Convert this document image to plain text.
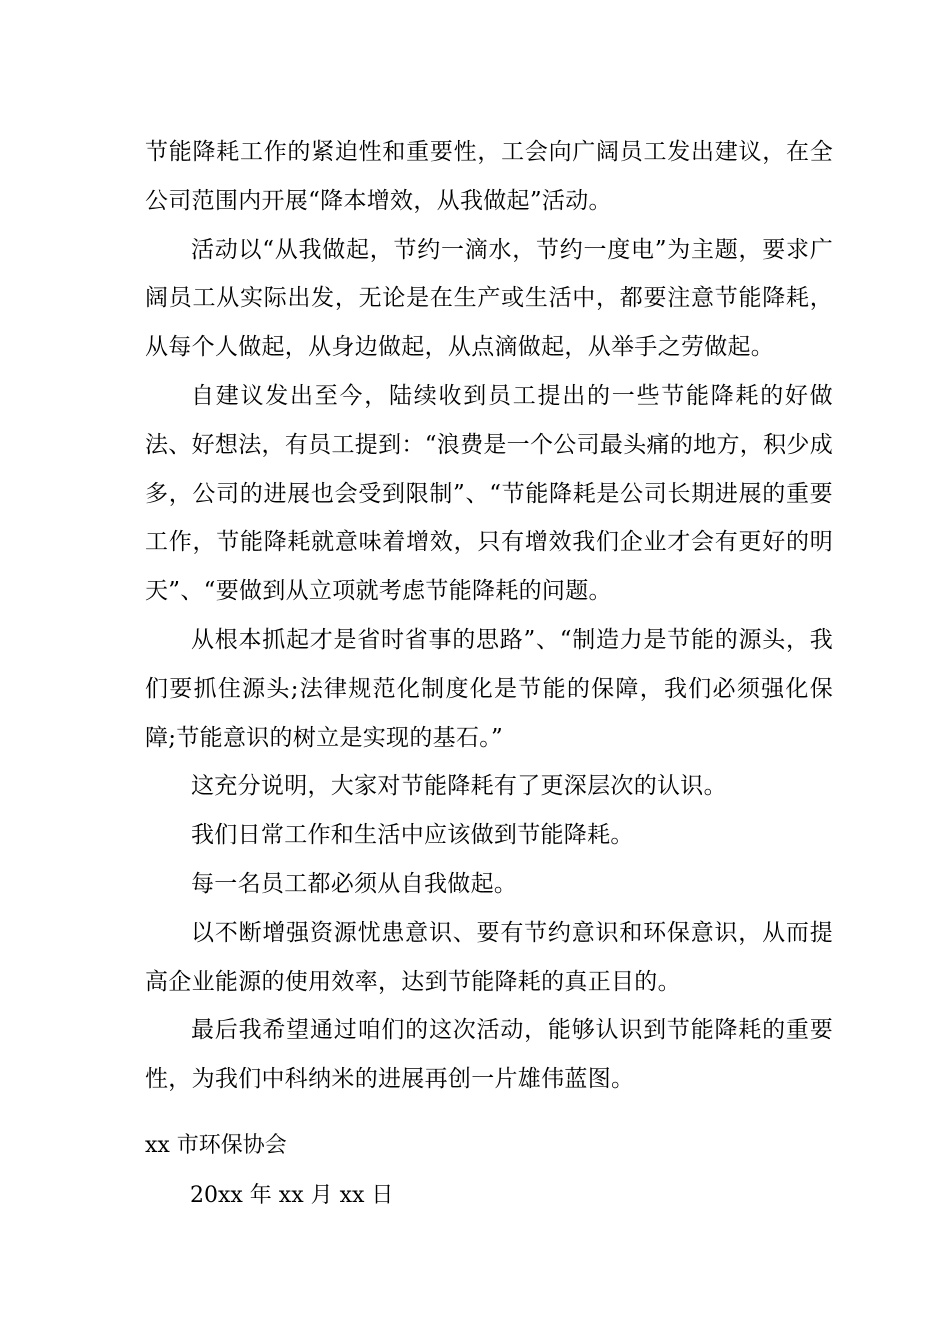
节能降耗工作的紧迫性和重要性，工会向广阔员工发出建议，在全公司范围内开展“降本增效，从我做起”活动。

活动以“从我做起，节约一滴水，节约一度电”为主题，要求广阔员工从实际出发，无论是在生产或生活中，都要注意节能降耗，从每个人做起，从身边做起，从点滴做起，从举手之劳做起。

自建议发出至今，陆续收到员工提出的一些节能降耗的好做法、好想法，有员工提到：“浪费是一个公司最头痛的地方，积少成多，公司的进展也会受到限制”、“节能降耗是公司长期进展的重要工作，节能降耗就意味着增效，只有增效我们企业才会有更好的明天”、“要做到从立项就考虑节能降耗的问题。

从根本抓起才是省时省事的思路”、“制造力是节能的源头，我们要抓住源头;法律规范化制度化是节能的保障，我们必须强化保障;节能意识的树立是实现的基石。”

这充分说明，大家对节能降耗有了更深层次的认识。

我们日常工作和生活中应该做到节能降耗。

每一名员工都必须从自我做起。

以不断增强资源忧患意识、要有节约意识和环保意识，从而提高企业能源的使用效率，达到节能降耗的真正目的。

最后我希望通过咱们的这次活动，能够认识到节能降耗的重要性，为我们中科纳米的进展再创一片雄伟蓝图。

xx 市环保协会

20xx 年 xx 月 xx 日
